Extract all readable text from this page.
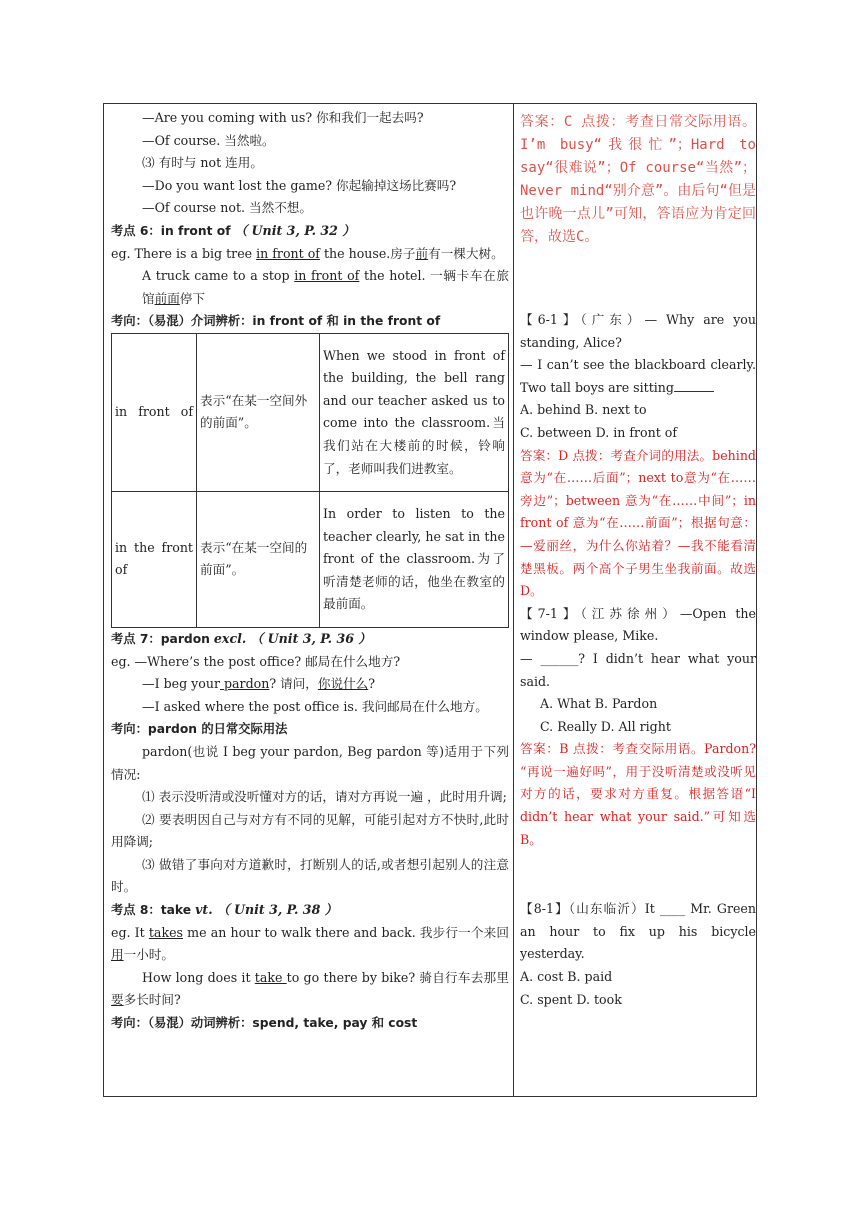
—Are you coming with us? 你和我们一起去吗?
—Of course. 当然啦。
⑶ 有时与 not 连用。
—Do you want lost the game? 你起输掉这场比赛吗?
—Of course not. 当然不想。
考点 6：in front of （ Unit 3, P. 32 ）
eg. There is a big tree in front of the house.房子前有一棵大树。
A truck came to a stop in front of the hotel. 一辆卡车在旅馆前面停下
考向：（易混）介词辨析：in front of 和 in the front of
in front of	表示“在某一空间外的前面”。	When we stood in front of the building, the bell rang and our teacher asked us to come into the classroom.当我们站在大楼前的时候，铃响了，老师叫我们进教室。
in the front of	表示“在某一空间的前面”。	In order to listen to the teacher clearly, he sat in the front of the classroom.为了听清楚老师的话，他坐在教室的最前面。
考点 7：pardon excl. （ Unit 3, P. 36 ）
eg. —Where’s the post office? 邮局在什么地方?
—I beg your pardon? 请问，你说什么?
—I asked where the post office is. 我问邮局在什么地方。
考向：pardon 的日常交际用法
pardon(也说 I beg your pardon, Beg pardon 等)适用于下列情况:
⑴ 表示没听清或没听懂对方的话，请对方再说一遍 ，此时用升调;
⑵ 要表明因自己与对方有不同的见解，可能引起对方不快时,此时用降调;
⑶ 做错了事向对方道歉时，打断别人的话,或者想引起别人的注意时。
考点 8：take vt. （ Unit 3, P. 38 ）
eg. It takes me an hour to walk there and back. 我步行一个来回用一小时。
How long does it take to go there by bike? 骑自行车去那里要多长时间?
考向：（易混）动词辨析：spend, take, pay 和 cost
答案：C 点拨：考查日常交际用语。I’m busy“我很忙”；Hard to say“很难说”；Of course“当然”；Never mind“别介意”。由后句“但是也许晚一点儿”可知，答语应为肯定回答，故选C。
【6-1】（广东）— Why are you standing, Alice?
— I can’t see the blackboard clearly. Two tall boys are sitting
A. behind B. next to
C. between D. in front of
答案：D 点拨：考查介词的用法。behind意为“在……后面”；next to意为“在……旁边”；between 意为“在……中间”；in front of 意为“在……前面”；根据句意：—爱丽丝，为什么你站着？—我不能看清楚黑板。两个高个子男生坐我前面。故选D。
【7-1】（江苏徐州）—Open the window please, Mike.
— ______? I didn’t hear what your said.
A. What B. Pardon
C. Really D. All right
答案：B 点拨：考查交际用语。Pardon? “再说一遍好吗”，用于没听清楚或没听见对方的话，要求对方重复。根据答语“I didn’t hear what your said.”可知选B。
【8-1】（山东临沂）It ____ Mr. Green an hour to fix up his bicycle yesterday.
A. cost B. paid
C. spent D. took
